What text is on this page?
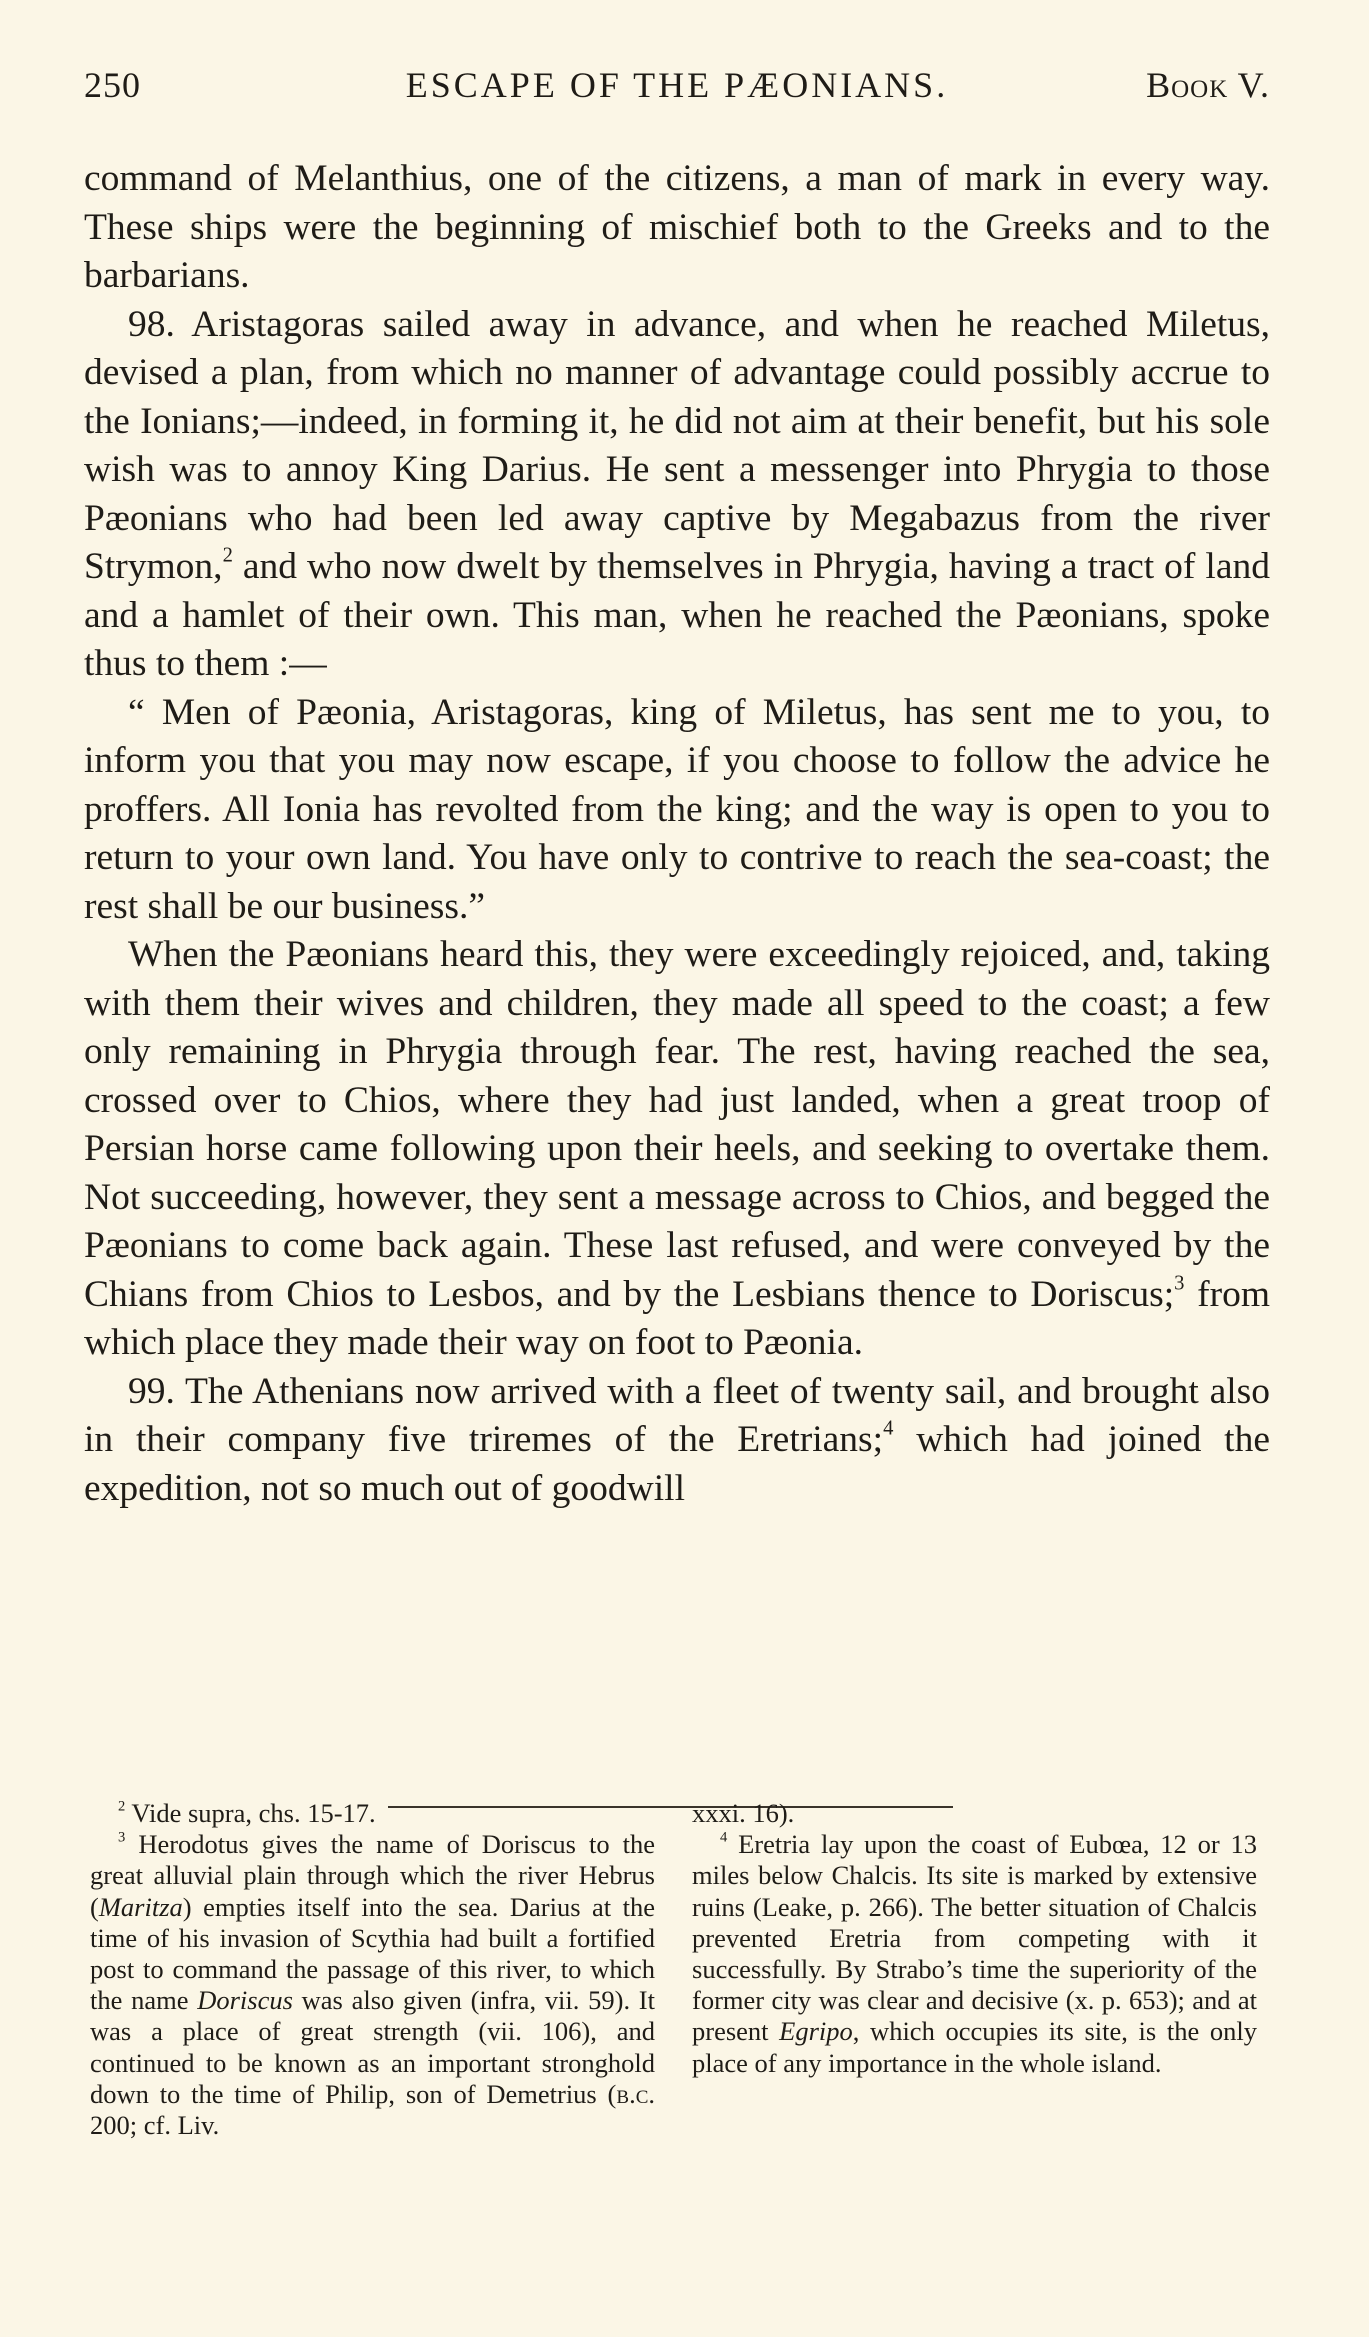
250	ESCAPE OF THE PÆONIANS.	Book V.

command of Melanthius, one of the citizens, a man of mark in every way. These ships were the beginning of mischief both to the Greeks and to the barbarians.

98. Aristagoras sailed away in advance, and when he reached Miletus, devised a plan, from which no manner of advantage could possibly accrue to the Ionians;—indeed, in forming it, he did not aim at their benefit, but his sole wish was to annoy King Darius. He sent a messenger into Phrygia to those Pæonians who had been led away captive by Megabazus from the river Strymon,$^2$ and who now dwelt by themselves in Phrygia, having a tract of land and a hamlet of their own. This man, when he reached the Pæonians, spoke thus to them :—

“ Men of Pæonia, Aristagoras, king of Miletus, has sent me to you, to inform you that you may now escape, if you choose to follow the advice he proffers. All Ionia has revolted from the king; and the way is open to you to return to your own land. You have only to contrive to reach the sea-coast; the rest shall be our business.”

When the Pæonians heard this, they were exceedingly rejoiced, and, taking with them their wives and children, they made all speed to the coast; a few only remaining in Phrygia through fear. The rest, having reached the sea, crossed over to Chios, where they had just landed, when a great troop of Persian horse came following upon their heels, and seeking to overtake them. Not succeeding, however, they sent a message across to Chios, and begged the Pæonians to come back again. These last refused, and were conveyed by the Chians from Chios to Lesbos, and by the Lesbians thence to Doriscus;$^3$ from which place they made their way on foot to Pæonia.

99. The Athenians now arrived with a fleet of twenty sail, and brought also in their company five triremes of the Eretrians;$^4$ which had joined the expedition, not so much out of goodwill

$^2$ Vide supra, chs. 15-17.

$^3$ Herodotus gives the name of Doriscus to the great alluvial plain through which the river Hebrus (Maritza) empties itself into the sea. Darius at the time of his invasion of Scythia had built a fortified post to command the passage of this river, to which the name Doriscus was also given (infra, vii. 59). It was a place of great strength (vii. 106), and continued to be known as an important stronghold down to the time of Philip, son of Demetrius (b.c. 200; cf. Liv.

xxxi. 16).

$^4$ Eretria lay upon the coast of Eubœa, 12 or 13 miles below Chalcis. Its site is marked by extensive ruins (Leake, p. 266). The better situation of Chalcis prevented Eretria from competing with it successfully. By Strabo’s time the superiority of the former city was clear and decisive (x. p. 653); and at present Egripo, which occupies its site, is the only place of any importance in the whole island.
